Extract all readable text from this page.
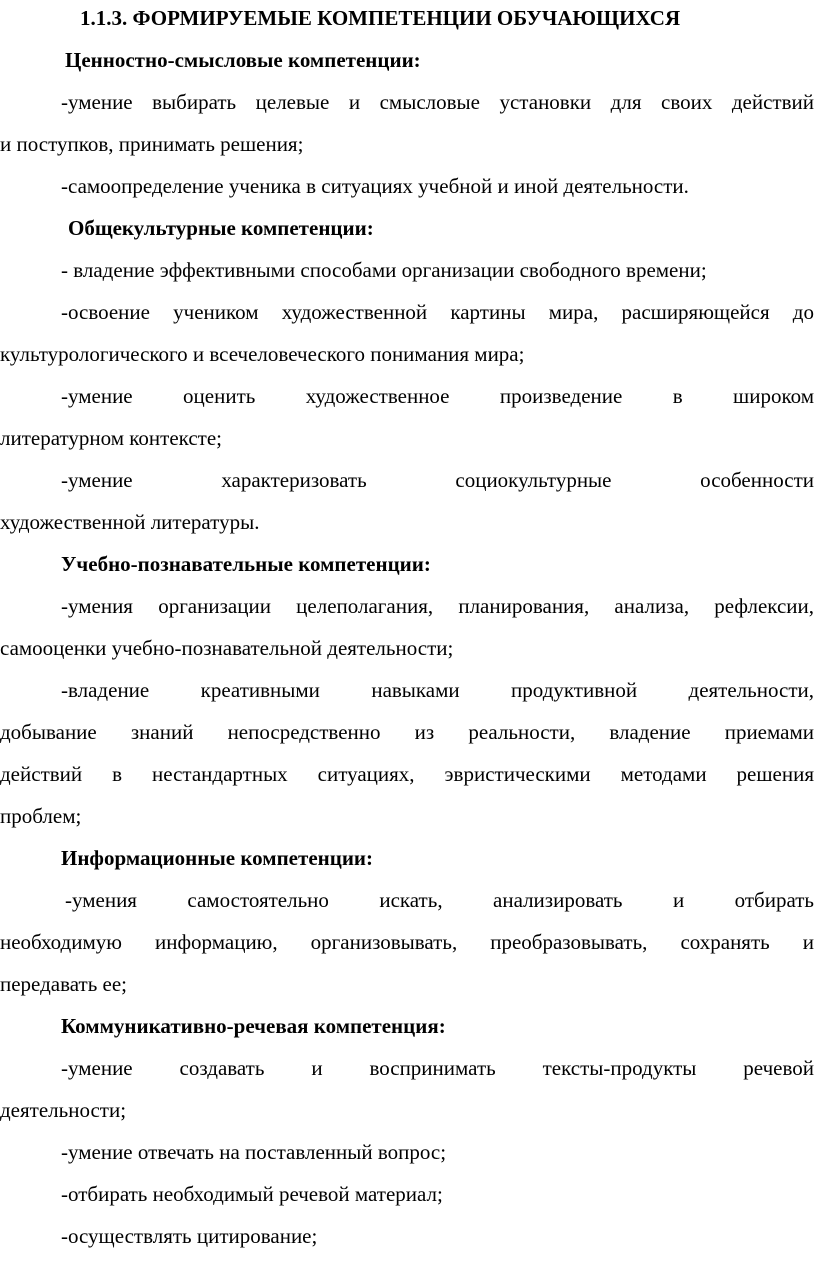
1.1.3. ФОРМИРУЕМЫЕ КОМПЕТЕНЦИИ ОБУЧАЮЩИХСЯ
Ценностно-смысловые компетенции:
-умение выбирать целевые и смысловые установки для своих действий
и поступков, принимать решения;
-самоопределение ученика в ситуациях учебной и иной деятельности.
Общекультурные компетенции:
- владение эффективными способами организации свободного времени;
-освоение учеником художественной картины мира, расширяющейся до
культурологического и всечеловеческого понимания мира;
-умение оценить художественное произведение в широком
литературном контексте;
-умение характеризовать социокультурные особенности
художественной литературы.
Учебно-познавательные компетенции:
-умения организации целеполагания, планирования, анализа, рефлексии,
самооценки учебно-познавательной деятельности;
-владение креативными навыками продуктивной деятельности,
добывание знаний непосредственно из реальности, владение приемами
действий в нестандартных ситуациях, эвристическими методами решения
проблем;
Информационные компетенции:
-умения самостоятельно искать, анализировать и отбирать
необходимую информацию, организовывать, преобразовывать, сохранять и
передавать ее;
Коммуникативно-речевая компетенция:
-умение создавать и воспринимать тексты-продукты речевой
деятельности;
-умение отвечать на поставленный вопрос;
-отбирать необходимый речевой материал;
-осуществлять цитирование;
